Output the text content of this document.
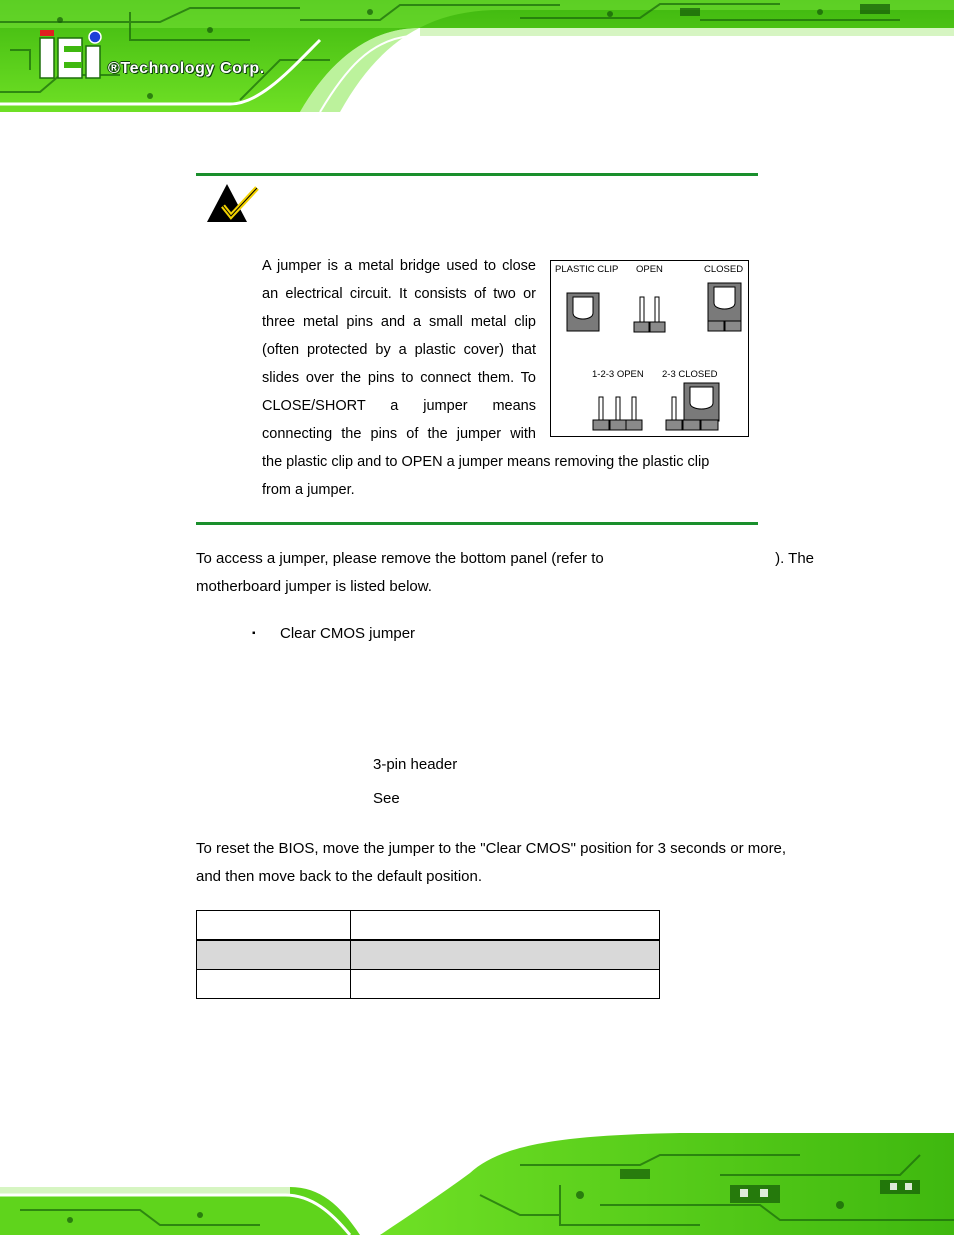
®Technology Corp.
A jumper is a metal bridge used to close
an electrical circuit. It consists of two or
three metal pins and a small metal clip
(often protected by a plastic cover) that
slides over the pins to connect them. To
CLOSE/SHORT a jumper means
connecting the pins of the jumper with
the plastic clip and to OPEN a jumper means removing the plastic clip
from a jumper.
PLASTIC CLIP OPEN	CLOSED
1-2-3 OPEN 2-3 CLOSED
To access a jumper, please remove the bottom panel (refer to	). The
motherboard jumper is listed below.
▪ Clear CMOS jumper
3-pin header
See
To reset the BIOS, move the jumper to the "Clear CMOS" position for 3 seconds or more,
and then move back to the default position.
